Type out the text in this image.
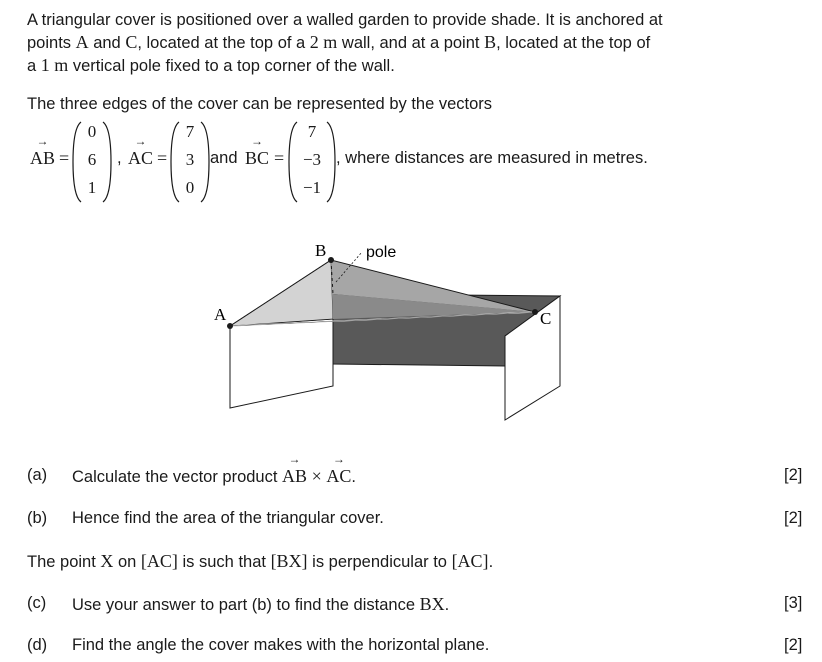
A triangular cover is positioned over a walled garden to provide shade. It is anchored at
points A and C, located at the top of a 2 m wall, and at a point B, located at the top of
a 1 m vertical pole fixed to a top corner of the wall.
The three edges of the cover can be represented by the vectors
→
AB =
0
6
1
,
→
AC =
7
3
0
and
→
BC =
7
−3
−1
, where distances are measured in metres.
A
B
C
pole
(a) Calculate the vector product
→
AB ×
→
AC.	[2]
(b) Hence find the area of the triangular cover.	[2]
The point X on [AC] is such that [BX] is perpendicular to [AC].
(c) Use your answer to part (b) to find the distance BX.	[3]
(d) Find the angle the cover makes with the horizontal plane.	[2]
